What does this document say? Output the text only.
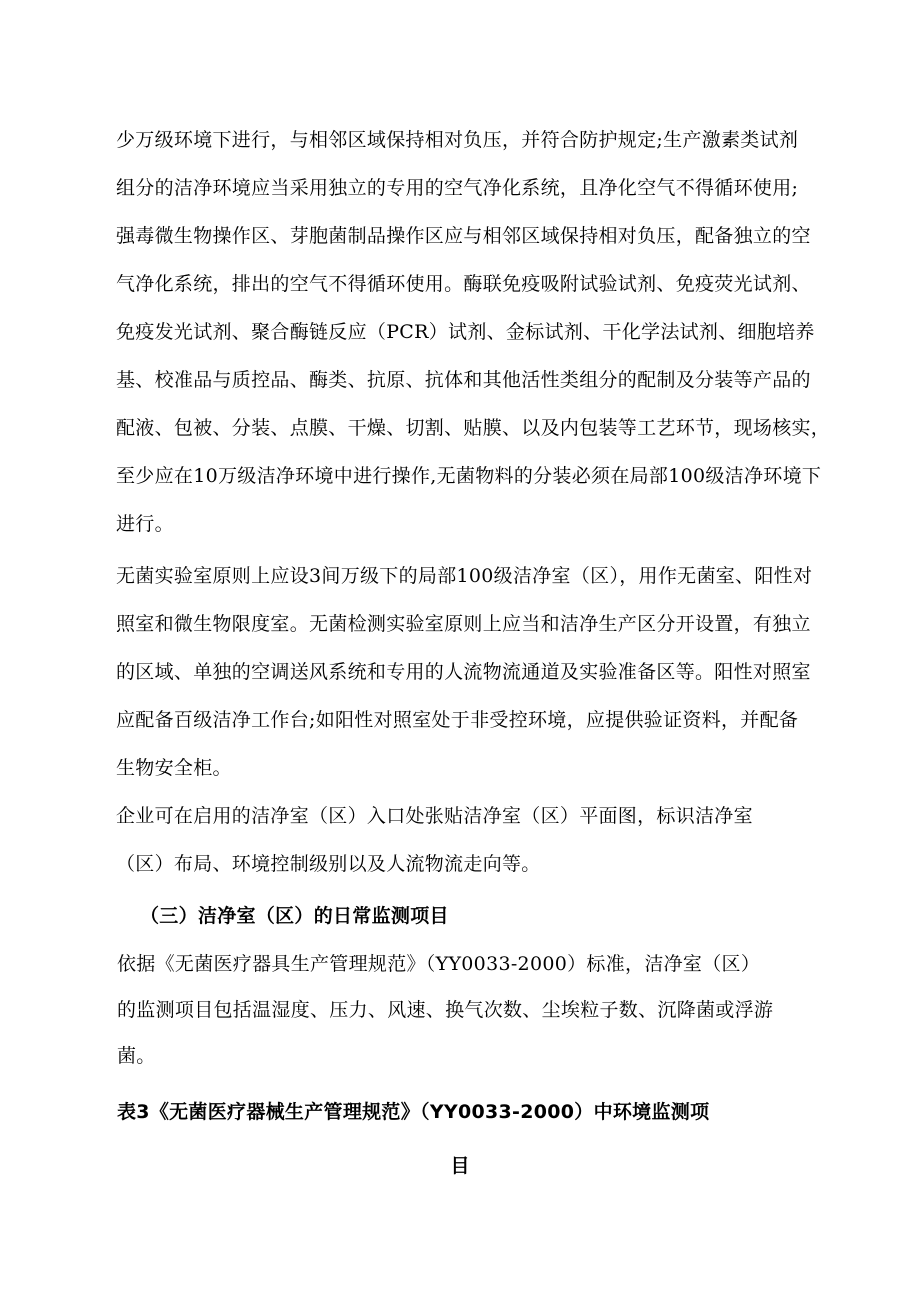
少万级环境下进行，与相邻区域保持相对负压，并符合防护规定;生产激素类试剂
组分的洁净环境应当采用独立的专用的空气净化系统，且净化空气不得循环使用;
强毒微生物操作区、芽胞菌制品操作区应与相邻区域保持相对负压，配备独立的空
气净化系统，排出的空气不得循环使用。酶联免疫吸附试验试剂、免疫荧光试剂、
免疫发光试剂、聚合酶链反应（PCR）试剂、金标试剂、干化学法试剂、细胞培养
基、校准品与质控品、酶类、抗原、抗体和其他活性类组分的配制及分装等产品的
配液、包被、分装、点膜、干燥、切割、贴膜、以及内包装等工艺环节，现场核实，
至少应在10万级洁净环境中进行操作,无菌物料的分装必须在局部100级洁净环境下
进行。
无菌实验室原则上应设3间万级下的局部100级洁净室（区），用作无菌室、阳性对
照室和微生物限度室。无菌检测实验室原则上应当和洁净生产区分开设置，有独立
的区域、单独的空调送风系统和专用的人流物流通道及实验准备区等。阳性对照室
应配备百级洁净工作台;如阳性对照室处于非受控环境，应提供验证资料，并配备
生物安全柜。
企业可在启用的洁净室（区）入口处张贴洁净室（区）平面图，标识洁净室
（区）布局、环境控制级别以及人流物流走向等。
（三）洁净室（区）的日常监测项目
依据《无菌医疗器具生产管理规范》（YY0033-2000）标准，洁净室（区）
的监测项目包括温湿度、压力、风速、换气次数、尘埃粒子数、沉降菌或浮游
菌。
表3《无菌医疗器械生产管理规范》（YY0033-2000）中环境监测项
目
